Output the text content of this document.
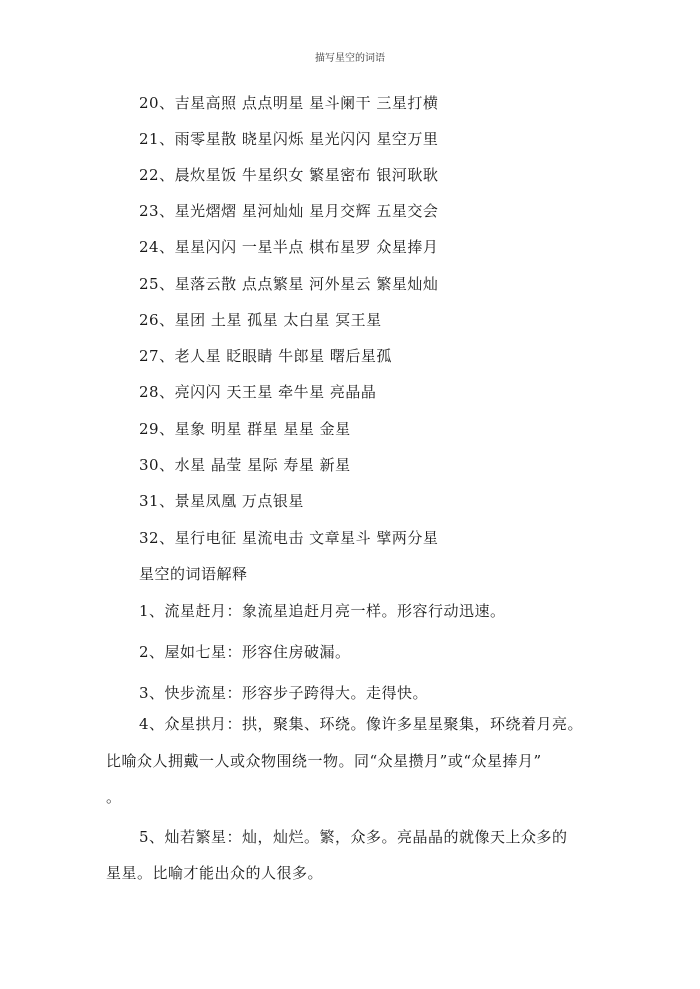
描写星空的词语
20、吉星高照 点点明星 星斗阑干 三星打横
21、雨零星散 晓星闪烁 星光闪闪 星空万里
22、晨炊星饭 牛星织女 繁星密布 银河耿耿
23、星光熠熠 星河灿灿 星月交辉 五星交会
24、星星闪闪 一星半点 棋布星罗 众星捧月
25、星落云散 点点繁星 河外星云 繁星灿灿
26、星团 土星 孤星 太白星 冥王星
27、老人星 眨眼睛 牛郎星 曙后星孤
28、亮闪闪 天王星 牵牛星 亮晶晶
29、星象 明星 群星 星星 金星
30、水星 晶莹 星际 寿星 新星
31、景星凤凰 万点银星
32、星行电征 星流电击 文章星斗 擘两分星
星空的词语解释
1、流星赶月：象流星追赶月亮一样。形容行动迅速。
2、屋如七星：形容住房破漏。
3、快步流星：形容步子跨得大。走得快。
4、众星拱月：拱，聚集、环绕。像许多星星聚集，环绕着月亮。
比喻众人拥戴一人或众物围绕一物。同“众星攒月”或“众星捧月”
。
5、灿若繁星：灿，灿烂。繁，众多。亮晶晶的就像天上众多的
星星。比喻才能出众的人很多。
